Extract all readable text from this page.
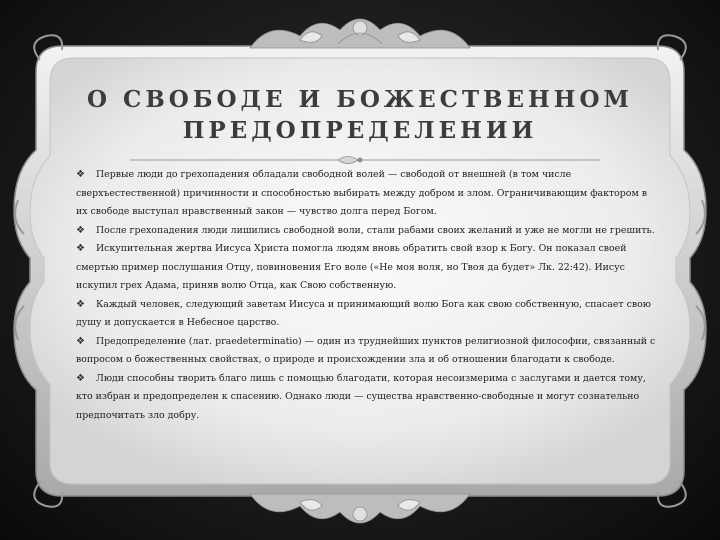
О СВОБОДЕ И БОЖЕСТВЕННОМ
ПРЕДОПРЕДЕЛЕНИИ
❖ Первые люди до грехопадения обладали свободной волей — свободой от внешней (в том числе сверхъестественной) причинности и способностью выбирать между добром и злом. Ограничивающим фактором в их свободе выступал нравственный закон — чувство долга перед Богом.
❖ После грехопадения люди лишились свободной воли, стали рабами своих желаний и уже не могли не грешить.
❖ Искупительная жертва Иисуса Христа помогла людям вновь обратить свой взор к Богу. Он показал своей смертью пример послушания Отцу, повиновения Его воле («Не моя воля, но Твоя да будет» Лк. 22:42). Иисус искупил грех Адама, приняв волю Отца, как Свою собственную.
❖ Каждый человек, следующий заветам Иисуса и принимающий волю Бога как свою собственную, спасает свою душу и допускается в Небесное царство.
❖ Предопределение (лат. praedeterminatio) — один из труднейших пунктов религиозной философии, связанный с вопросом о божественных свойствах, о природе и происхождении зла и об отношении благодати к свободе.
❖ Люди способны творить благо лишь с помощью благодати, которая несоизмерима с заслугами и дается тому, кто избран и предопределен к спасению. Однако люди — существа нравственно-свободные и могут сознательно предпочитать зло добру.
